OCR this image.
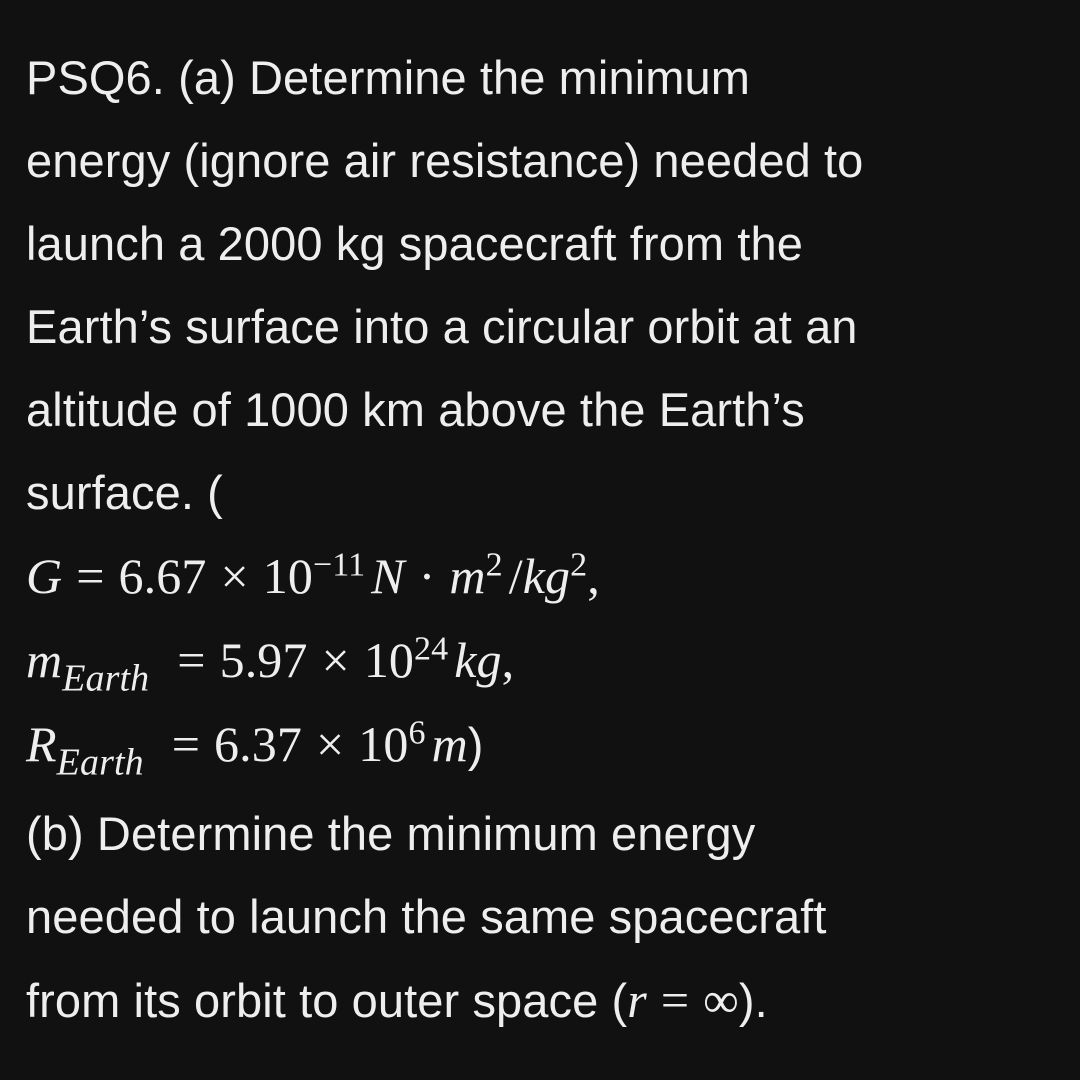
PSQ6. (a) Determine the minimum
energy (ignore air resistance) needed to
launch a 2000 kg spacecraft from the
Earth’s surface into a circular orbit at an
altitude of 1000 km above the Earth’s
surface. (
$G = 6.67 \times 10^{-11}$ $N \cdot m^2$ $/kg^2$,
$m_{Earth} = 5.97 \times 10^{24}$ kg,
$R_{Earth} = 6.37 \times 10^6$ m)
(b) Determine the minimum energy
needed to launch the same spacecraft
from its orbit to outer space (r = ∞).
